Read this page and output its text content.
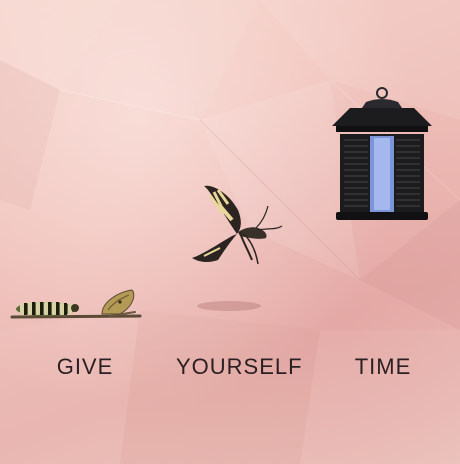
GIVE	YOURSELF	TIME
